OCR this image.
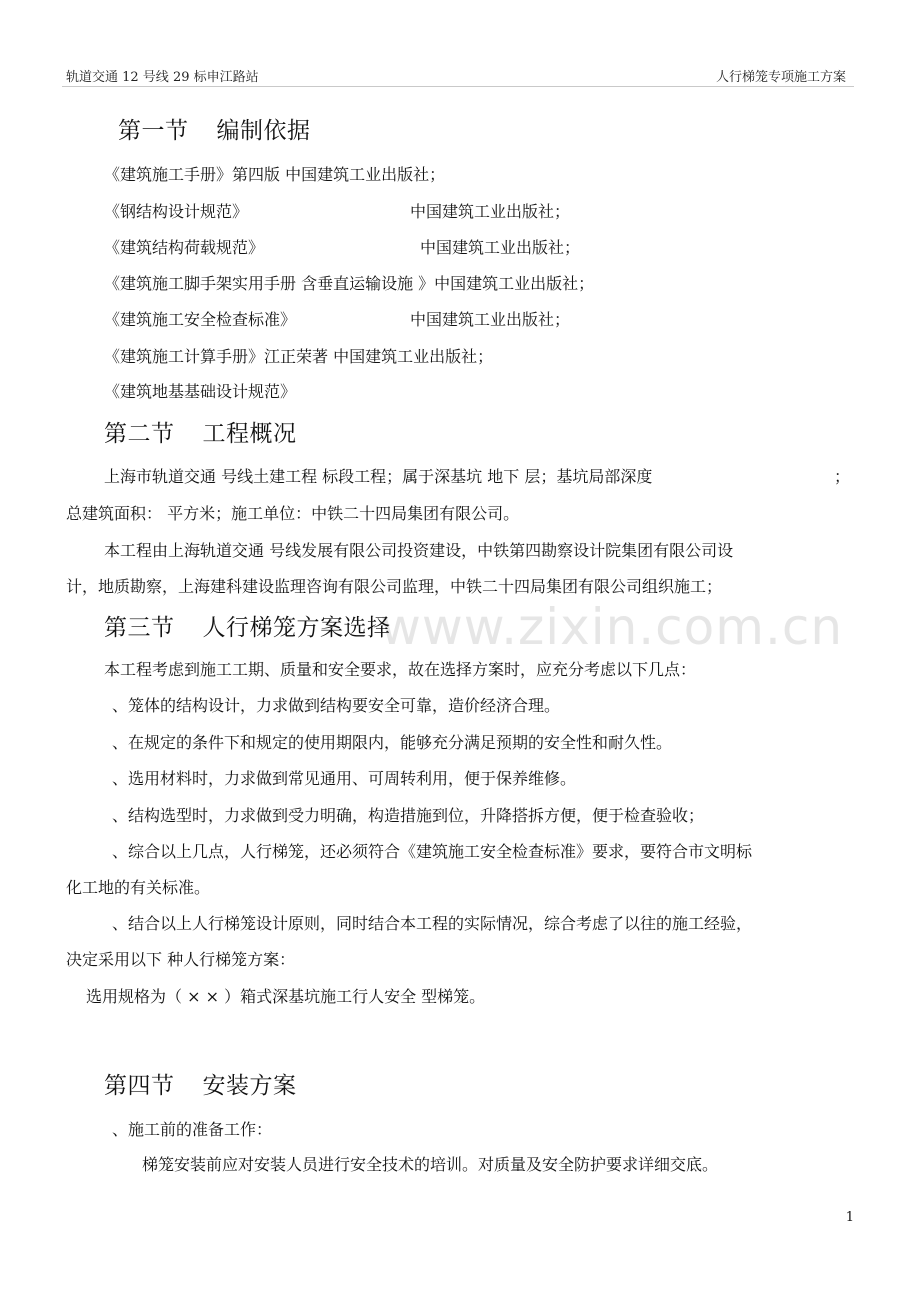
轨道交通 12 号线 29 标申江路站	人行梯笼专项施工方案
www.zixin.com.cn
第一节 编制依据
《建筑施工手册》第四版 中国建筑工业出版社；
《钢结构设计规范》	中国建筑工业出版社；
《建筑结构荷载规范》	中国建筑工业出版社；
《建筑施工脚手架实用手册 含垂直运输设施 》中国建筑工业出版社；
《建筑施工安全检查标准》	中国建筑工业出版社；
《建筑施工计算手册》江正荣著 中国建筑工业出版社；
《建筑地基基础设计规范》
第二节 工程概况
上海市轨道交通 号线土建工程 标段工程；属于深基坑 地下 层；基坑局部深度	；
总建筑面积： 平方米；施工单位：中铁二十四局集团有限公司。
本工程由上海轨道交通 号线发展有限公司投资建设，中铁第四勘察设计院集团有限公司设
计，地质勘察，上海建科建设监理咨询有限公司监理，中铁二十四局集团有限公司组织施工；
第三节 人行梯笼方案选择
本工程考虑到施工工期、质量和安全要求，故在选择方案时，应充分考虑以下几点：
、笼体的结构设计，力求做到结构要安全可靠，造价经济合理。
、在规定的条件下和规定的使用期限内，能够充分满足预期的安全性和耐久性。
、选用材料时，力求做到常见通用、可周转利用，便于保养维修。
、结构选型时，力求做到受力明确，构造措施到位，升降搭拆方便，便于检查验收；
、综合以上几点，人行梯笼，还必须符合《建筑施工安全检查标准》要求，要符合市文明标
化工地的有关标准。
、结合以上人行梯笼设计原则，同时结合本工程的实际情况，综合考虑了以往的施工经验，
决定采用以下 种人行梯笼方案：
选用规格为（ × × ）箱式深基坑施工行人安全 型梯笼。
第四节 安装方案
、施工前的准备工作：
梯笼安装前应对安装人员进行安全技术的培训。对质量及安全防护要求详细交底。
1
